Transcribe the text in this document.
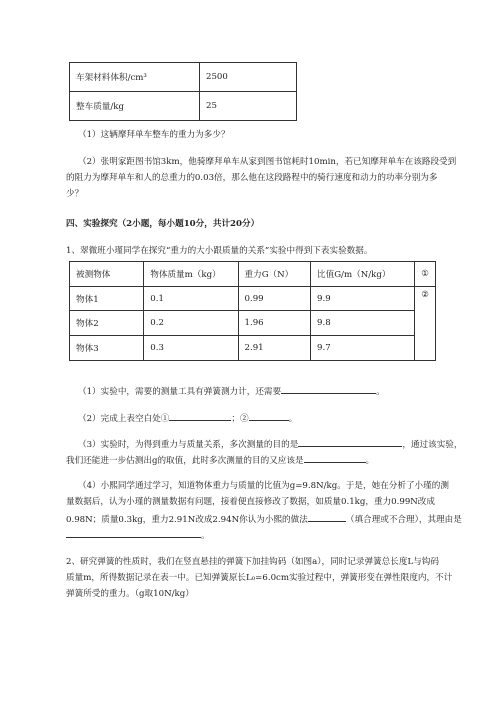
车架材料体积/cm³	2500
整车质量/kg	25
（1）这辆摩拜单车整车的重力为多少？
（2）张明家距图书馆3km，他骑摩拜单车从家到图书馆耗时10min，若已知摩拜单车在该路段受到
的阻力为摩拜单车和人的总重力的0.03倍，那么他在这段路程中的骑行速度和动力的功率分别为多
少？
四、实验探究（2小题，每小题10分，共计20分）
1、翠微班小瑾同学在探究“重力的大小跟质量的关系”实验中得到下表实验数据。
被测物体	物体质量m（kg）	重力G（N）	比值G/m（N/kg）	①
物体1	0.1	0.99	9.9	②
物体2	0.2	1.96	9.8	
物体3	0.3	2.91	9.7	
（1）实验中，需要的测量工具有弹簧测力计，还需要	。
（2）完成上表空白处①	；②	。
（3）实验时，为得到重力与质量关系，多次测量的目的是	，通过该实验，
我们还能进一步估测出g的取值，此时多次测量的目的又应该是	。
（4）小熙同学通过学习，知道物体重力与质量的比值为g=9.8N/kg。于是，她在分析了小瑾的测
量数据后，认为小瑾的测量数据有问题，接着便直接修改了数据，如质量0.1kg，重力0.99N改成
0.98N；质量0.3kg，重力2.91N改成2.94N你认为小熙的做法	（填合理或不合理），其理由是
。
2、研究弹簧的性质时，我们在竖直悬挂的弹簧下加挂钩码（如图a），同时记录弹簧总长度L与钩码
质量m，所得数据记录在表一中。已知弹簧原长L₀=6.0cm实验过程中，弹簧形变在弹性限度内，不计
弹簧所受的重力。（g取10N/kg）
